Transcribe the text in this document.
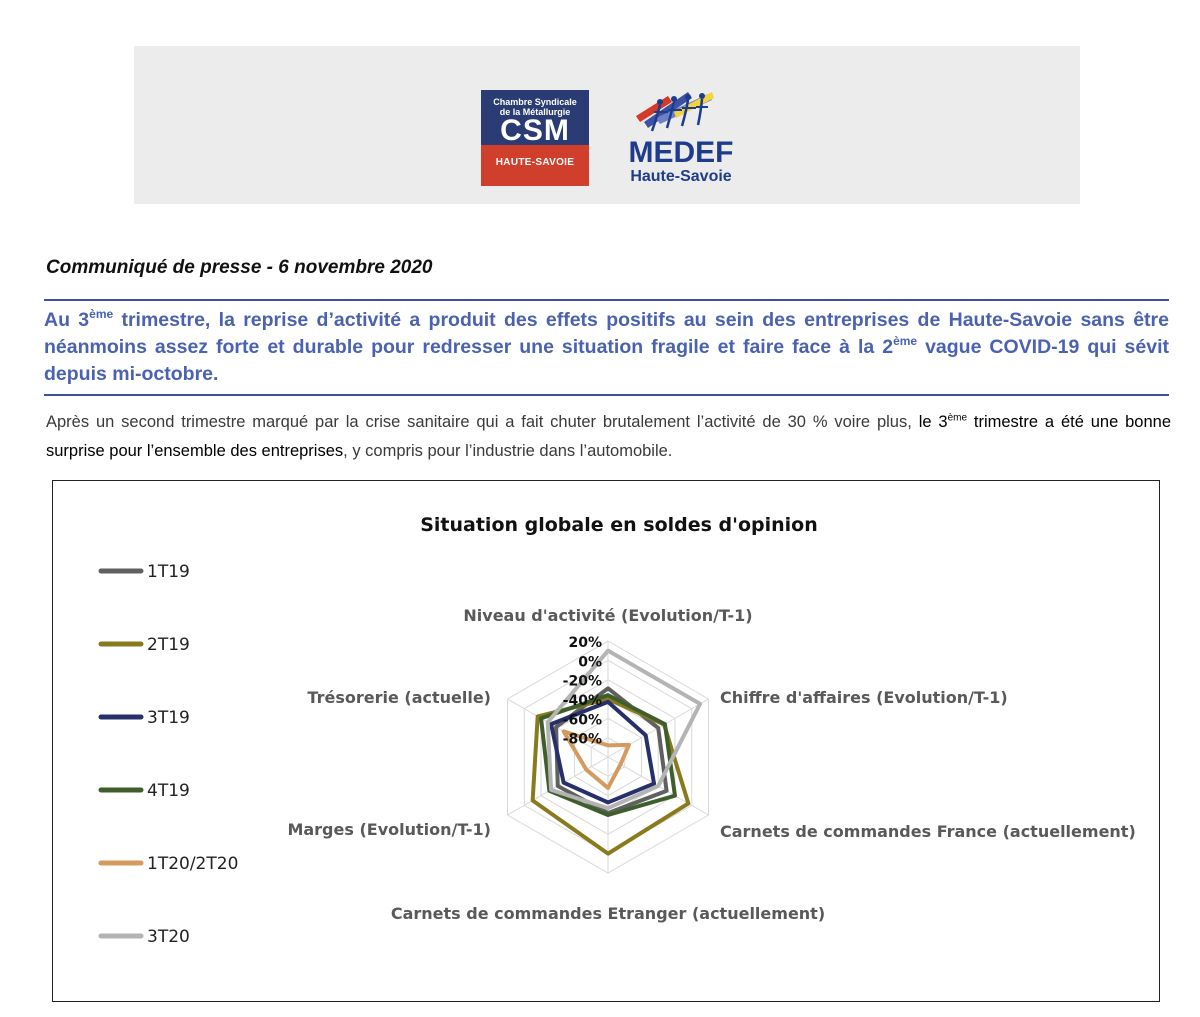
Chambre Syndicale
de la Métallurgie
CSM
HAUTE-SAVOIE	MEDEF
Haute-Savoie
Communiqué de presse - 6 novembre 2020

Au 3ème trimestre, la reprise d’activité a produit des effets positifs au sein des entreprises de Haute-Savoie sans être néanmoins assez forte et durable pour redresser une situation fragile et faire face à la 2ème vague COVID-19 qui sévit depuis mi-octobre.

Après un second trimestre marqué par la crise sanitaire qui a fait chuter brutalement l’activité de 30 % voire plus, le 3ème trimestre a été une bonne surprise pour l’ensemble des entreprises, y compris pour l’industrie dans l’automobile.

Situation globale en soldes d'opinion
20%
0%
-20%
-40%
-60%
-80%
Niveau d'activité (Evolution/T-1)
Chiffre d'affaires (Evolution/T-1)
Carnets de commandes France (actuellement)
Carnets de commandes Etranger (actuellement)
Marges (Evolution/T-1)
Trésorerie (actuelle)
1T19
2T19
3T19
4T19
1T20/2T20
3T20
